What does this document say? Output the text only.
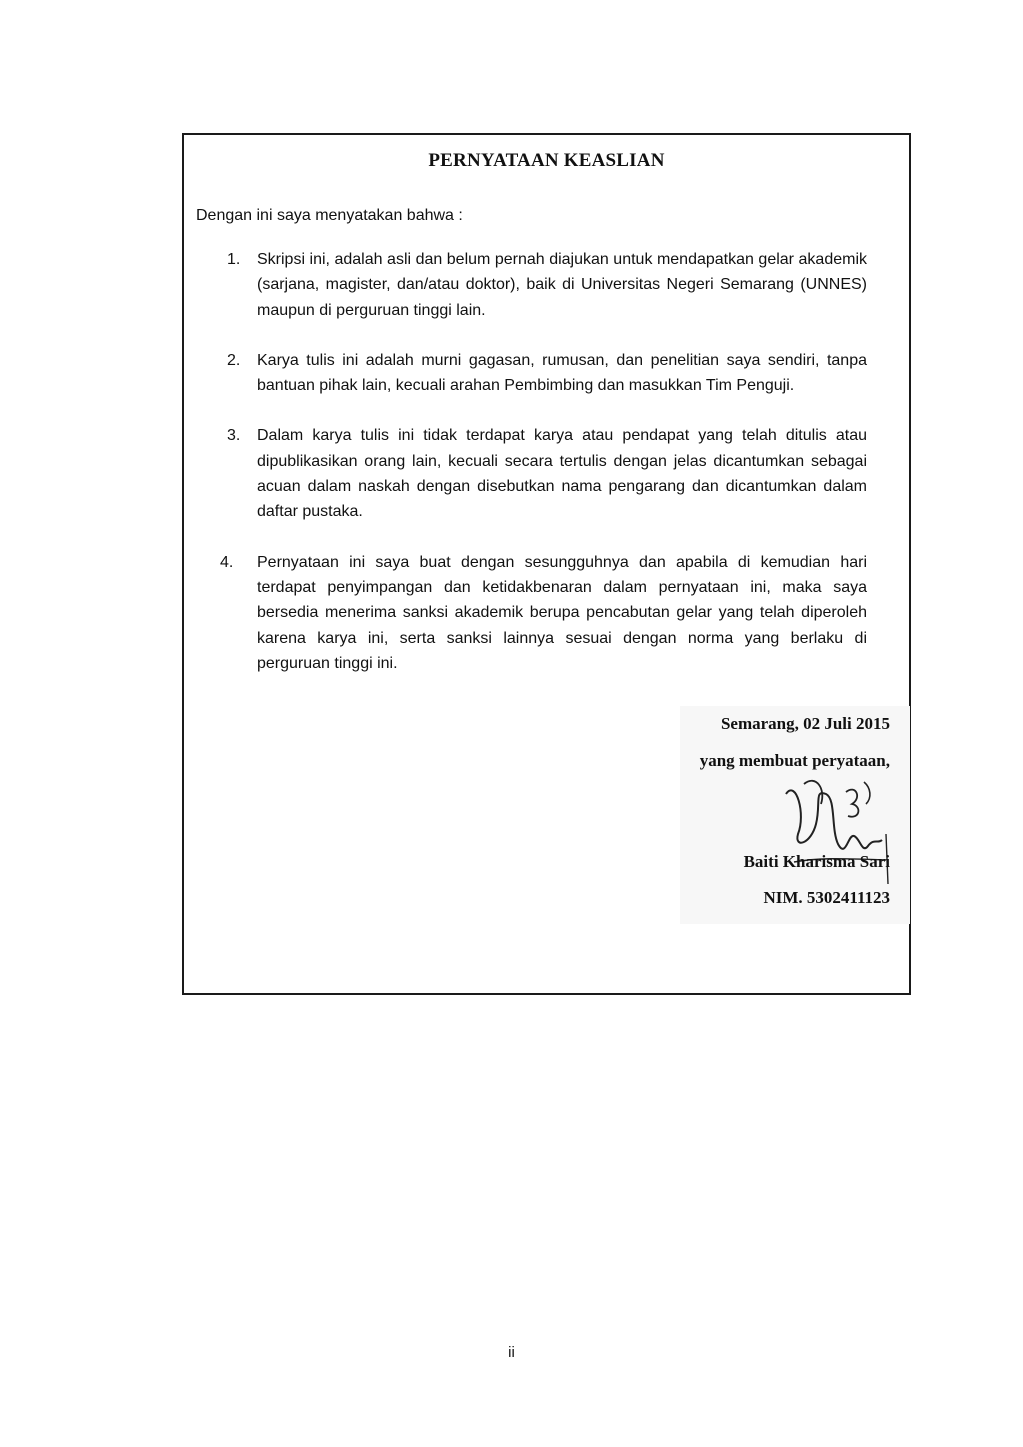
PERNYATAAN KEASLIAN
Dengan ini saya menyatakan bahwa :
1. Skripsi ini, adalah asli dan belum pernah diajukan untuk mendapatkan gelar akademik (sarjana, magister, dan/atau doktor), baik di Universitas Negeri Semarang (UNNES) maupun di perguruan tinggi lain.
2. Karya tulis ini adalah murni gagasan, rumusan, dan penelitian saya sendiri, tanpa bantuan pihak lain, kecuali arahan Pembimbing dan masukkan Tim Penguji.
3. Dalam karya tulis ini tidak terdapat karya atau pendapat yang telah ditulis atau dipublikasikan orang lain, kecuali secara tertulis dengan jelas dicantumkan sebagai acuan dalam naskah dengan disebutkan nama pengarang dan dicantumkan dalam daftar pustaka.
4. Pernyataan ini saya buat dengan sesungguhnya dan apabila di kemudian hari terdapat penyimpangan dan ketidakbenaran dalam pernyataan ini, maka saya bersedia menerima sanksi akademik berupa pencabutan gelar yang telah diperoleh karena karya ini, serta sanksi lainnya sesuai dengan norma yang berlaku di perguruan tinggi ini.
Semarang, 02 Juli 2015
yang membuat peryataan,
Baiti Kharisma Sari
NIM. 5302411123
ii
